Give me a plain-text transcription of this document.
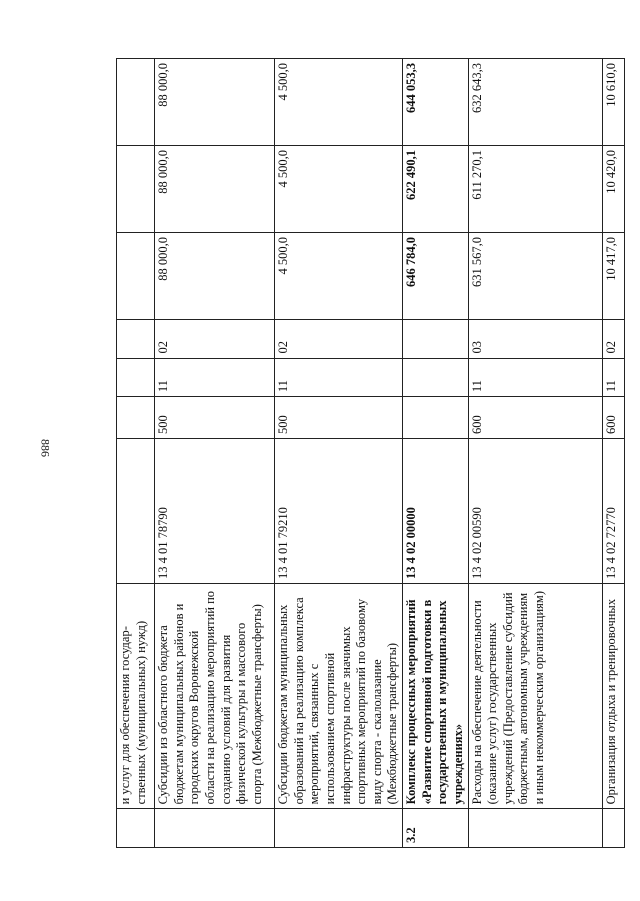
886
	и услуг для обеспечения государ-ственных (муниципальных) нужд)							
	Субсидии из областного бюджета бюджетам муниципальных районов и городских округов Воронежской области на реализацию мероприятий по созданию условий для развития физической культуры и массового спорта (Межбюджетные трансферты)	13 4 01 78790	500	11	02	88 000,0	88 000,0	88 000,0
	Субсидии бюджетам муниципальных образований на реализацию комплекса мероприятий, связанных с использованием спортивной инфраструктуры после значимых спортивных мероприятий по базовому виду спорта - скалолазание (Межбюджетные трансферты)	13 4 01 79210	500	11	02	4 500,0	4 500,0	4 500,0
3.2	Комплекс процессных мероприятий «Развитие спортивной подготовки в государственных и муниципальных учреждениях»	13 4 02 00000				646 784,0	622 490,1	644 053,3
	Расходы на обеспечение деятельности (оказание услуг) государственных учреждений (Предоставление субсидий бюджетным, автономным учреждениям и иным некоммерческим организациям)	13 4 02 00590	600	11	03	631 567,0	611 270,1	632 643,3
	Организация отдыха и тренировочных	13 4 02 72770	600	11	02	10 417,0	10 420,0	10 610,0
